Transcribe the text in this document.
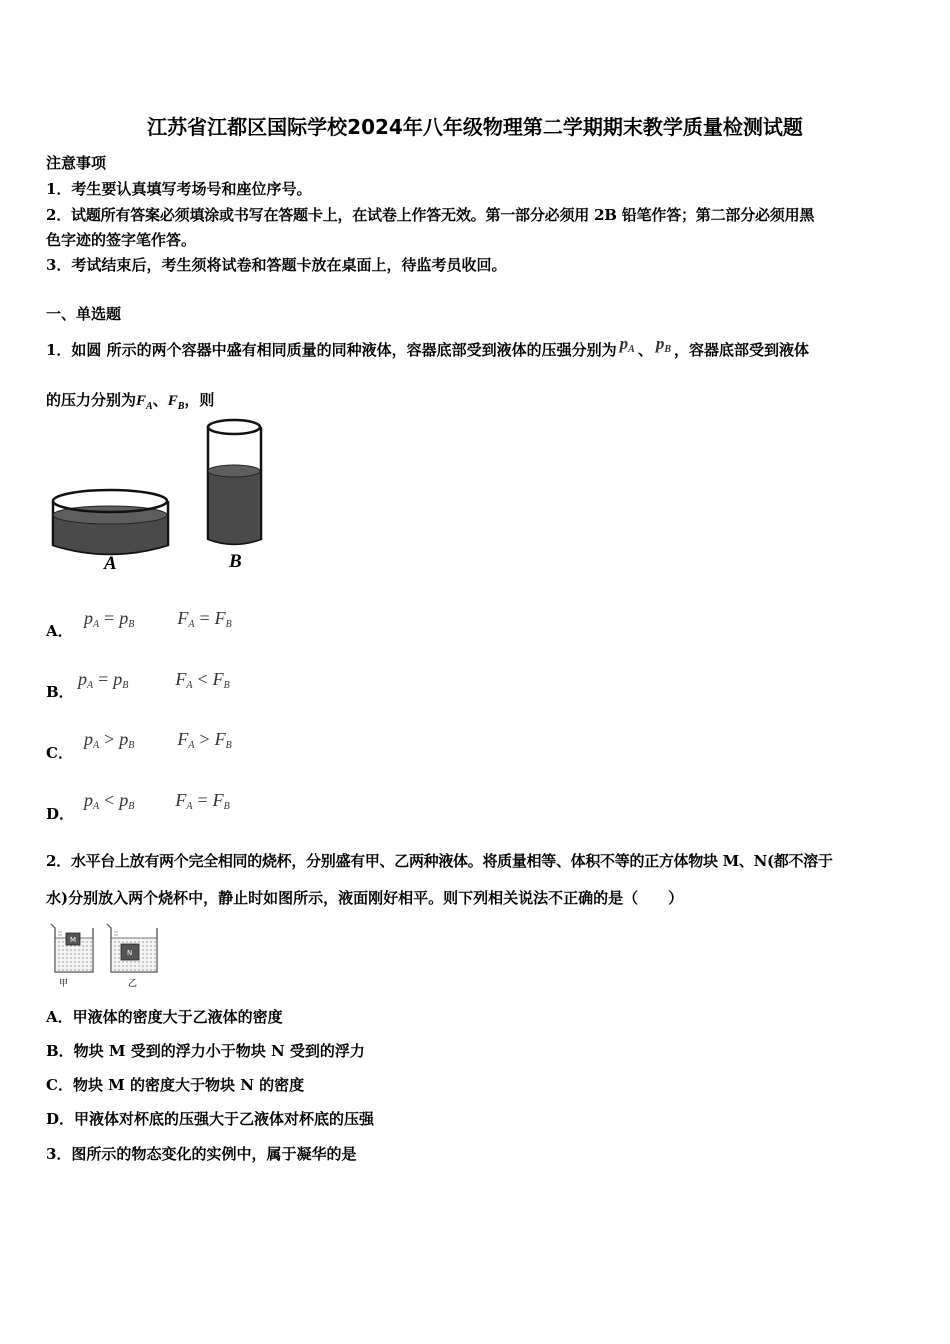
江苏省江都区国际学校2024年八年级物理第二学期期末教学质量检测试题
注意事项
1．考生要认真填写考场号和座位序号。
2．试题所有答案必须填涂或书写在答题卡上，在试卷上作答无效。第一部分必须用 2B 铅笔作答；第二部分必须用黑
色字迹的签字笔作答。
3．考试结束后，考生须将试卷和答题卡放在桌面上，待监考员收回。
一、单选题
1．如圆 所示的两个容器中盛有相同质量的同种液体，容器底部受到液体的压强分别为 $p_A$ 、 $p_B$ ，容器底部受到液体
的压力分别为$F_A$、$F_B$，则
A	B
A．
$p_A = p_B$ $F_A = F_B$
B．
$p_A = p_B$	$F_A < F_B$
C．
$p_A > p_B$ $F_A > F_B$
D．
$p_A < p_B$ $F_A = F_B$
2．水平台上放有两个完全相同的烧杯，分别盛有甲、乙两种液体。将质量相等、体积不等的正方体物块 M、N(都不溶于
水)分别放入两个烧杯中，静止时如图所示，液面刚好相平。则下列相关说法不正确的是（　　）
M
N
甲	乙
A．甲液体的密度大于乙液体的密度
B．物块 M 受到的浮力小于物块 N 受到的浮力
C．物块 M 的密度大于物块 N 的密度
D．甲液体对杯底的压强大于乙液体对杯底的压强
3．图所示的物态变化的实例中，属于凝华的是
